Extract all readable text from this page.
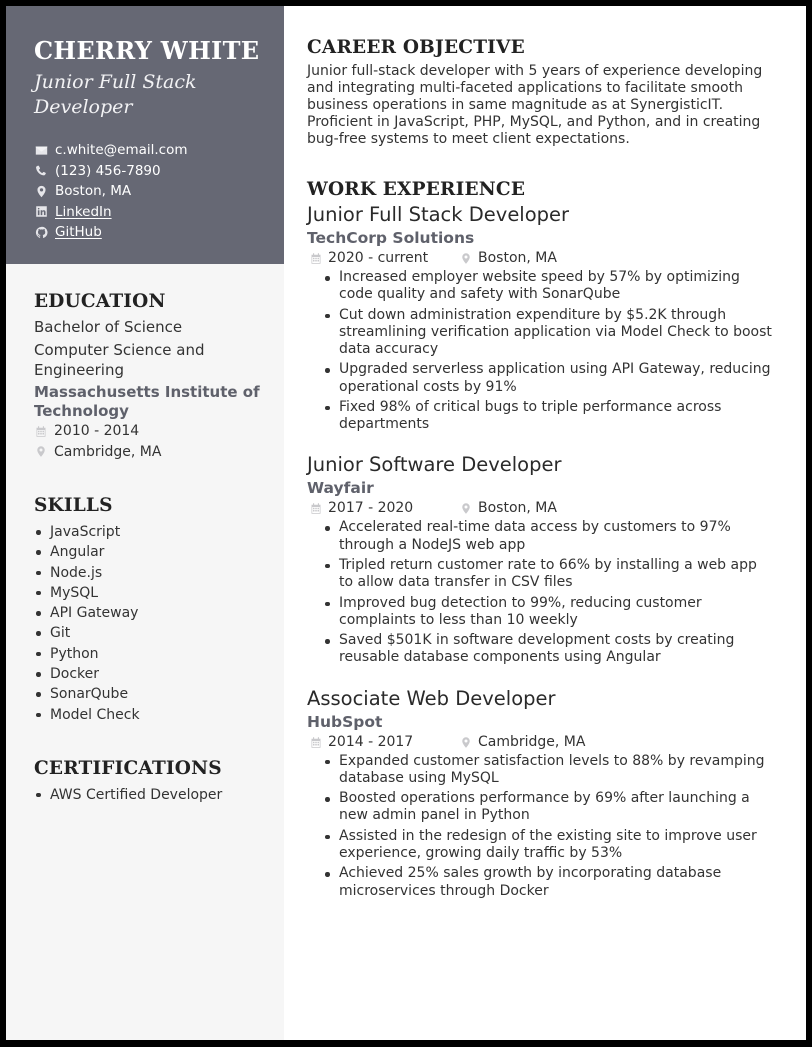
CHERRY WHITE
Junior Full Stack Developer
c.white@email.com
(123) 456-7890
Boston, MA
LinkedIn
GitHub
EDUCATION
Bachelor of Science
Computer Science and Engineering
Massachusetts Institute of Technology
2010 - 2014
Cambridge, MA
SKILLS
JavaScript
Angular
Node.js
MySQL
API Gateway
Git
Python
Docker
SonarQube
Model Check
CERTIFICATIONS
AWS Certified Developer
CAREER OBJECTIVE

Junior full-stack developer with 5 years of experience developing and integrating multi-faceted applications to facilitate smooth business operations in same magnitude as at SynergisticIT. Proficient in JavaScript, PHP, MySQL, and Python, and in creating bug-free systems to meet client expectations.

WORK EXPERIENCE
Junior Full Stack Developer
TechCorp Solutions
2020 - current	Boston, MA
Increased employer website speed by 57% by optimizing code quality and safety with SonarQube
Cut down administration expenditure by $5.2K through streamlining verification application via Model Check to boost data accuracy
Upgraded serverless application using API Gateway, reducing operational costs by 91%
Fixed 98% of critical bugs to triple performance across departments
Junior Software Developer
Wayfair
2017 - 2020	Boston, MA
Accelerated real-time data access by customers to 97% through a NodeJS web app
Tripled return customer rate to 66% by installing a web app to allow data transfer in CSV files
Improved bug detection to 99%, reducing customer complaints to less than 10 weekly
Saved $501K in software development costs by creating reusable database components using Angular
Associate Web Developer
HubSpot
2014 - 2017	Cambridge, MA
Expanded customer satisfaction levels to 88% by revamping database using MySQL
Boosted operations performance by 69% after launching a new admin panel in Python
Assisted in the redesign of the existing site to improve user experience, growing daily traffic by 53%
Achieved 25% sales growth by incorporating database microservices through Docker
